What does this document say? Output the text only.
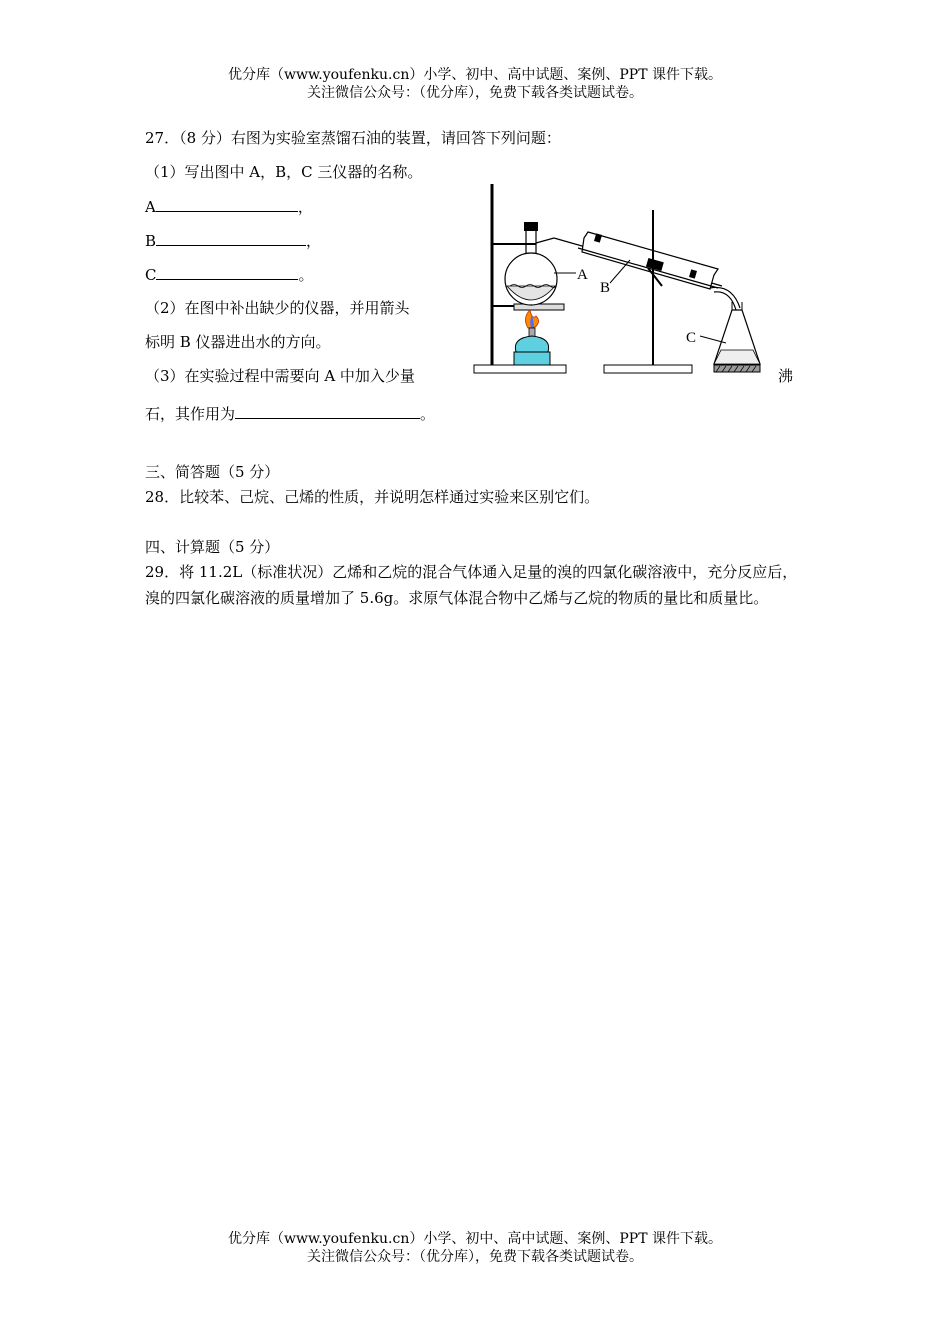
优分库（www.youfenku.cn）小学、初中、高中试题、案例、PPT 课件下载。
关注微信公众号：（优分库），免费下载各类试题试卷。
27．（8 分）右图为实验室蒸馏石油的装置，请回答下列问题：
（1）写出图中 A，B，C 三仪器的名称。
A	，
B	，
C	。
（2）在图中补出缺少的仪器，并用箭头
标明 B 仪器进出水的方向。
（3）在实验过程中需要向 A 中加入少量	沸
石，其作用为	。
A
B
C
三、简答题（5 分）
28．比较苯、己烷、己烯的性质，并说明怎样通过实验来区别它们。
四、计算题（5 分）
29．将 11.2L（标准状况）乙烯和乙烷的混合气体通入足量的溴的四氯化碳溶液中，充分反应后，溴的四氯化碳溶液的质量增加了 5.6g。求原气体混合物中乙烯与乙烷的物质的量比和质量比。
优分库（www.youfenku.cn）小学、初中、高中试题、案例、PPT 课件下载。
关注微信公众号：（优分库），免费下载各类试题试卷。
